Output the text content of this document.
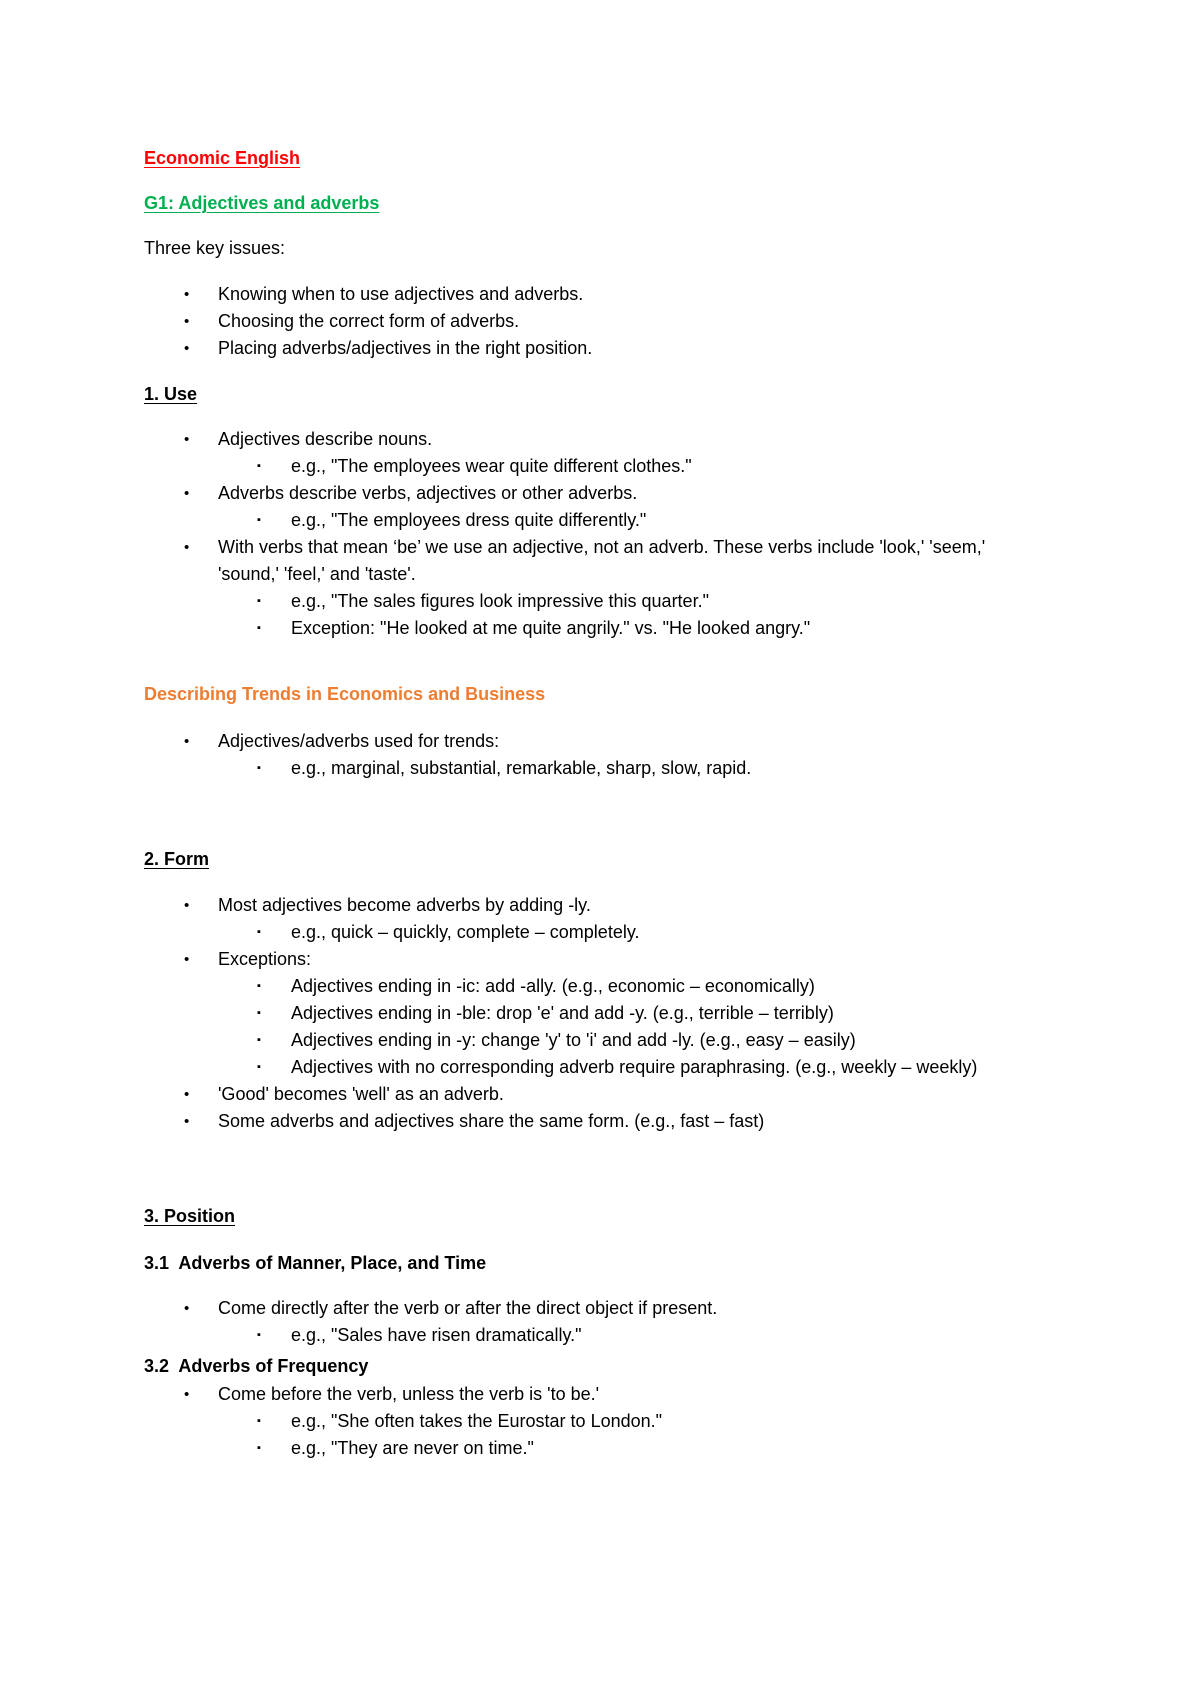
Economic English
G1: Adjectives and adverbs
Three key issues:
• Knowing when to use adjectives and adverbs.
• Choosing the correct form of adverbs.
• Placing adverbs/adjectives in the right position.
1. Use
• Adjectives describe nouns.
▪ e.g., "The employees wear quite different clothes."
• Adverbs describe verbs, adjectives or other adverbs.
▪ e.g., "The employees dress quite differently."
• With verbs that mean ‘be’ we use an adjective, not an adverb. These verbs include 'look,' 'seem,' 'sound,' 'feel,' and 'taste'.
▪ e.g., "The sales figures look impressive this quarter."
▪ Exception: "He looked at me quite angrily." vs. "He looked angry."
Describing Trends in Economics and Business
• Adjectives/adverbs used for trends:
▪ e.g., marginal, substantial, remarkable, sharp, slow, rapid.
2. Form
• Most adjectives become adverbs by adding -ly.
▪ e.g., quick – quickly, complete – completely.
• Exceptions:
▪ Adjectives ending in -ic: add -ally. (e.g., economic – economically)
▪ Adjectives ending in -ble: drop 'e' and add -y. (e.g., terrible – terribly)
▪ Adjectives ending in -y: change 'y' to 'i' and add -ly. (e.g., easy – easily)
▪ Adjectives with no corresponding adverb require paraphrasing. (e.g., weekly – weekly)
• 'Good' becomes 'well' as an adverb.
• Some adverbs and adjectives share the same form. (e.g., fast – fast)
3. Position
3.1  Adverbs of Manner, Place, and Time
• Come directly after the verb or after the direct object if present.
▪ e.g., "Sales have risen dramatically."
3.2  Adverbs of Frequency
• Come before the verb, unless the verb is 'to be.'
▪ e.g., "She often takes the Eurostar to London."
▪ e.g., "They are never on time."
